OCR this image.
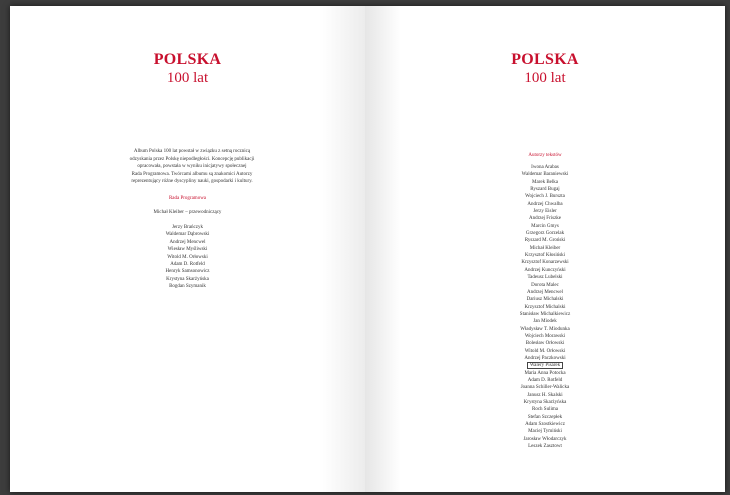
POLSKA
100 lat

Album Polska 100 lat powstał w związku z setną rocznicą

odzyskania przez Polskę niepodległości. Koncepcję publikacji

opracowała, powstała w wyniku inicjatywy społecznej

Rada Programowa. Twórcami albumu są znakomici Autorzy

reprezentujący różne dyscypliny nauki, gospodarki i kultury.

Rada Programowa
Michał Kleiber – przewodniczący
Jerzy Brańczyk
Waldemar Dąbrowski
Andrzej Mencwel
Wiesław Myśliwski
Witold M. Orłowski
Adam D. Rotfeld
Henryk Samsonowicz
Krystyna Skarżyńska
Bogdan Szymanik
POLSKA
100 lat
Autorzy tekstów
Iwona Arabas
Waldemar Baraniewski
Marek Belka
Ryszard Bugaj
Wojciech J. Burszta
Andrzej Chwalba
Jerzy Eisler
Andrzej Friszke
Marcin Gmys
Grzegorz Gorzelak
Ryszard M. Groński
Michał Kleiber
Krzysztof Kłosiński
Krzysztof Konarzewski
Andrzej Kunczyński
Tadeusz Lubelski
Dorota Malec
Andrzej Mencwel
Dariusz Michalski
Krzysztof Michalski
Stanisław Michalkiewicz
Jan Miodek
Władysław T. Miodunka
Wojciech Morawski
Bolesław Orłowski
Witold M. Orłowski
Andrzej Paczkowski
Walery Pisarek
Maria Anna Potocka
Adam D. Rotfeld
Joanna Schiller-Walicka
Janusz H. Skalski
Krystyna Skarżyńska
Roch Sulima
Stefan Szczepłek
Adam Szostkiewicz
Maciej Tymiński
Jarosław Włodarczyk
Leszek Zasztowt
